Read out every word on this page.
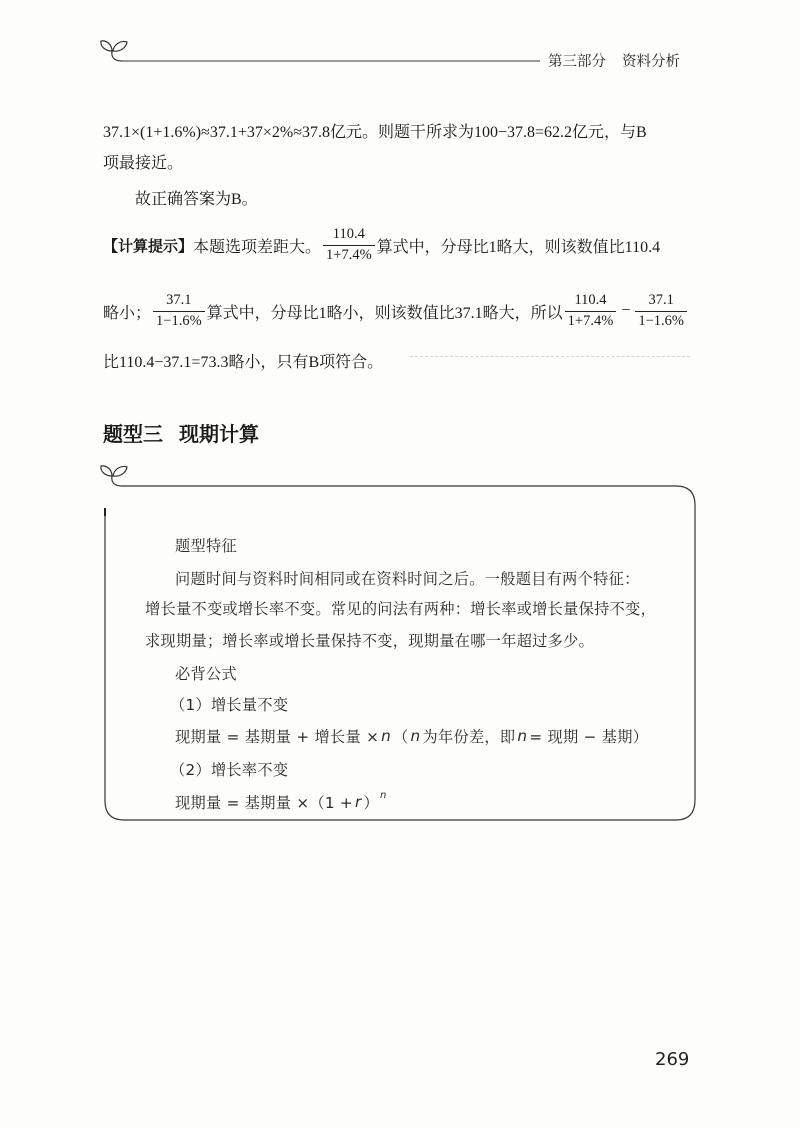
第三部分 资料分析
37.1×(1+1.6%)≈37.1+37×2%≈37.8亿元。则题干所求为100−37.8=62.2亿元，与B
项最接近。
故正确答案为B。
【计算提示】 本题选项差距大。 $\frac{110.4}{1+7.4\%}$ 算式中，分母比1略大，则该数值比110.4
略小； $\frac{37.1}{1-1.6\%}$ 算式中，分母比1略小，则该数值比37.1略大，所以 $\frac{110.4}{1+7.4\%} - \frac{37.1}{1-1.6\%}$
比110.4−37.1=73.3略小，只有B项符合。
题型三 现期计算
题型特征
问题时间与资料时间相同或在资料时间之后。一般题目有两个特征：
增长量不变或增长率不变。常见的问法有两种：增长率或增长量保持不变，
求现期量；增长率或增长量保持不变，现期量在哪一年超过多少。
必背公式
（1）增长量不变
现期量 = 基期量 + 增长量 × n （ n 为年份差，即 n = 现期 − 基期）
（2）增长率不变
现期量 = 基期量 ×（1 + r ） n
269
